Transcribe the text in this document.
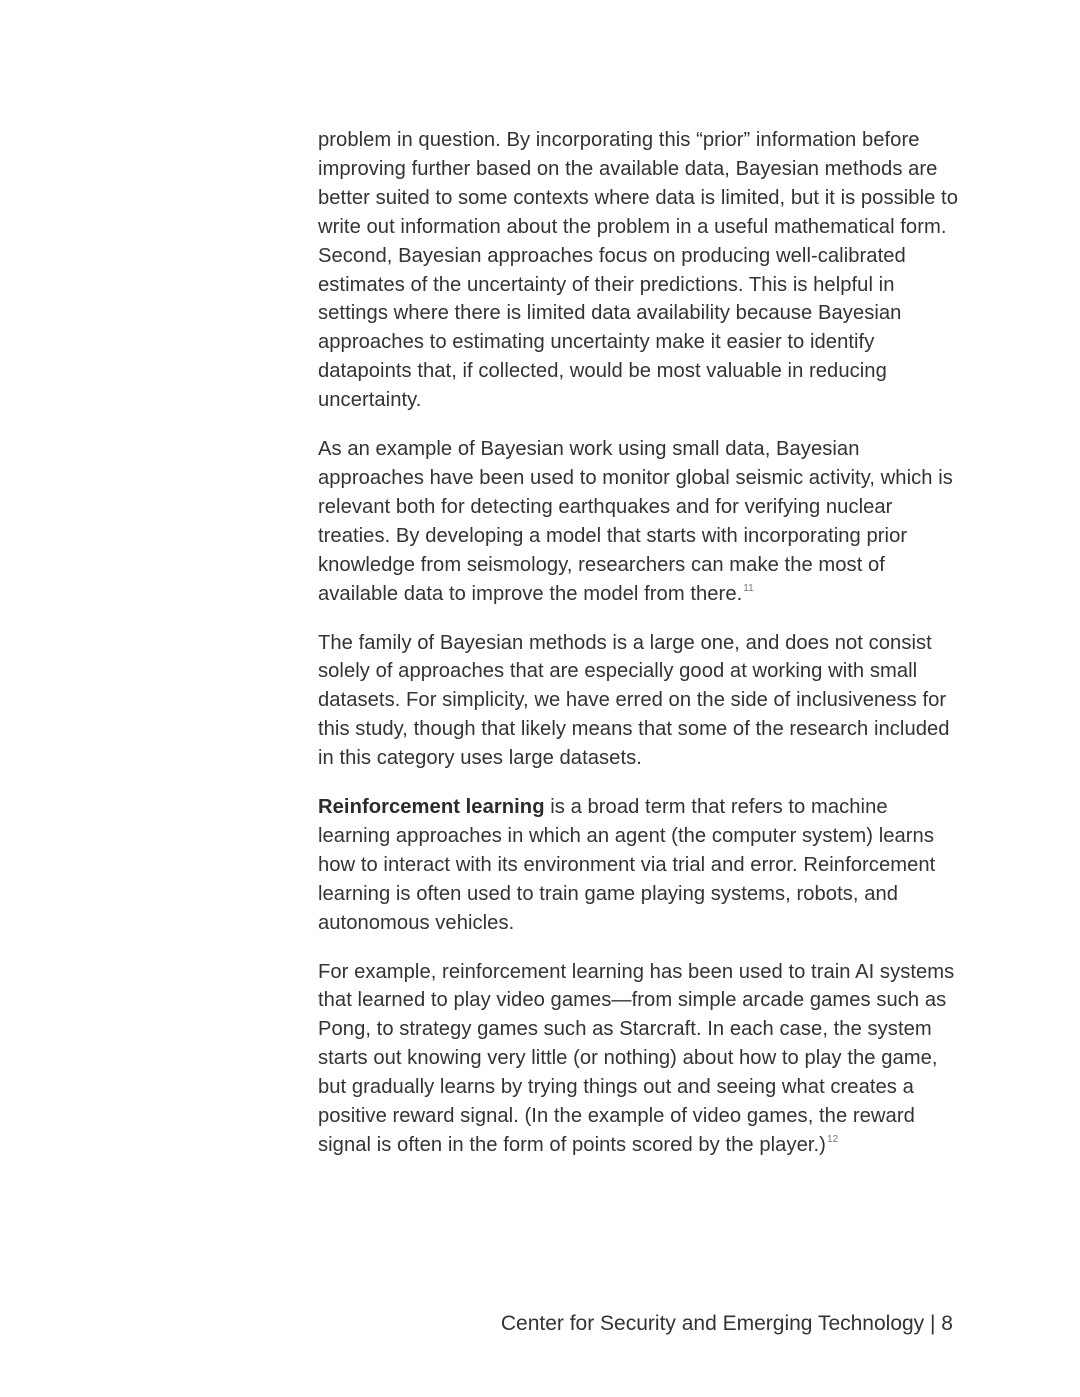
problem in question. By incorporating this “prior” information before improving further based on the available data, Bayesian methods are better suited to some contexts where data is limited, but it is possible to write out information about the problem in a useful mathematical form. Second, Bayesian approaches focus on producing well-calibrated estimates of the uncertainty of their predictions. This is helpful in settings where there is limited data availability because Bayesian approaches to estimating uncertainty make it easier to identify datapoints that, if collected, would be most valuable in reducing uncertainty.

As an example of Bayesian work using small data, Bayesian approaches have been used to monitor global seismic activity, which is relevant both for detecting earthquakes and for verifying nuclear treaties. By developing a model that starts with incorporating prior knowledge from seismology, researchers can make the most of available data to improve the model from there.$^{11}$

The family of Bayesian methods is a large one, and does not consist solely of approaches that are especially good at working with small datasets. For simplicity, we have erred on the side of inclusiveness for this study, though that likely means that some of the research included in this category uses large datasets.

Reinforcement learning is a broad term that refers to machine learning approaches in which an agent (the computer system) learns how to interact with its environment via trial and error. Reinforcement learning is often used to train game playing systems, robots, and autonomous vehicles.

For example, reinforcement learning has been used to train AI systems that learned to play video games—from simple arcade games such as Pong, to strategy games such as Starcraft. In each case, the system starts out knowing very little (or nothing) about how to play the game, but gradually learns by trying things out and seeing what creates a positive reward signal. (In the example of video games, the reward signal is often in the form of points scored by the player.)$^{12}$

Center for Security and Emerging Technology | 8
